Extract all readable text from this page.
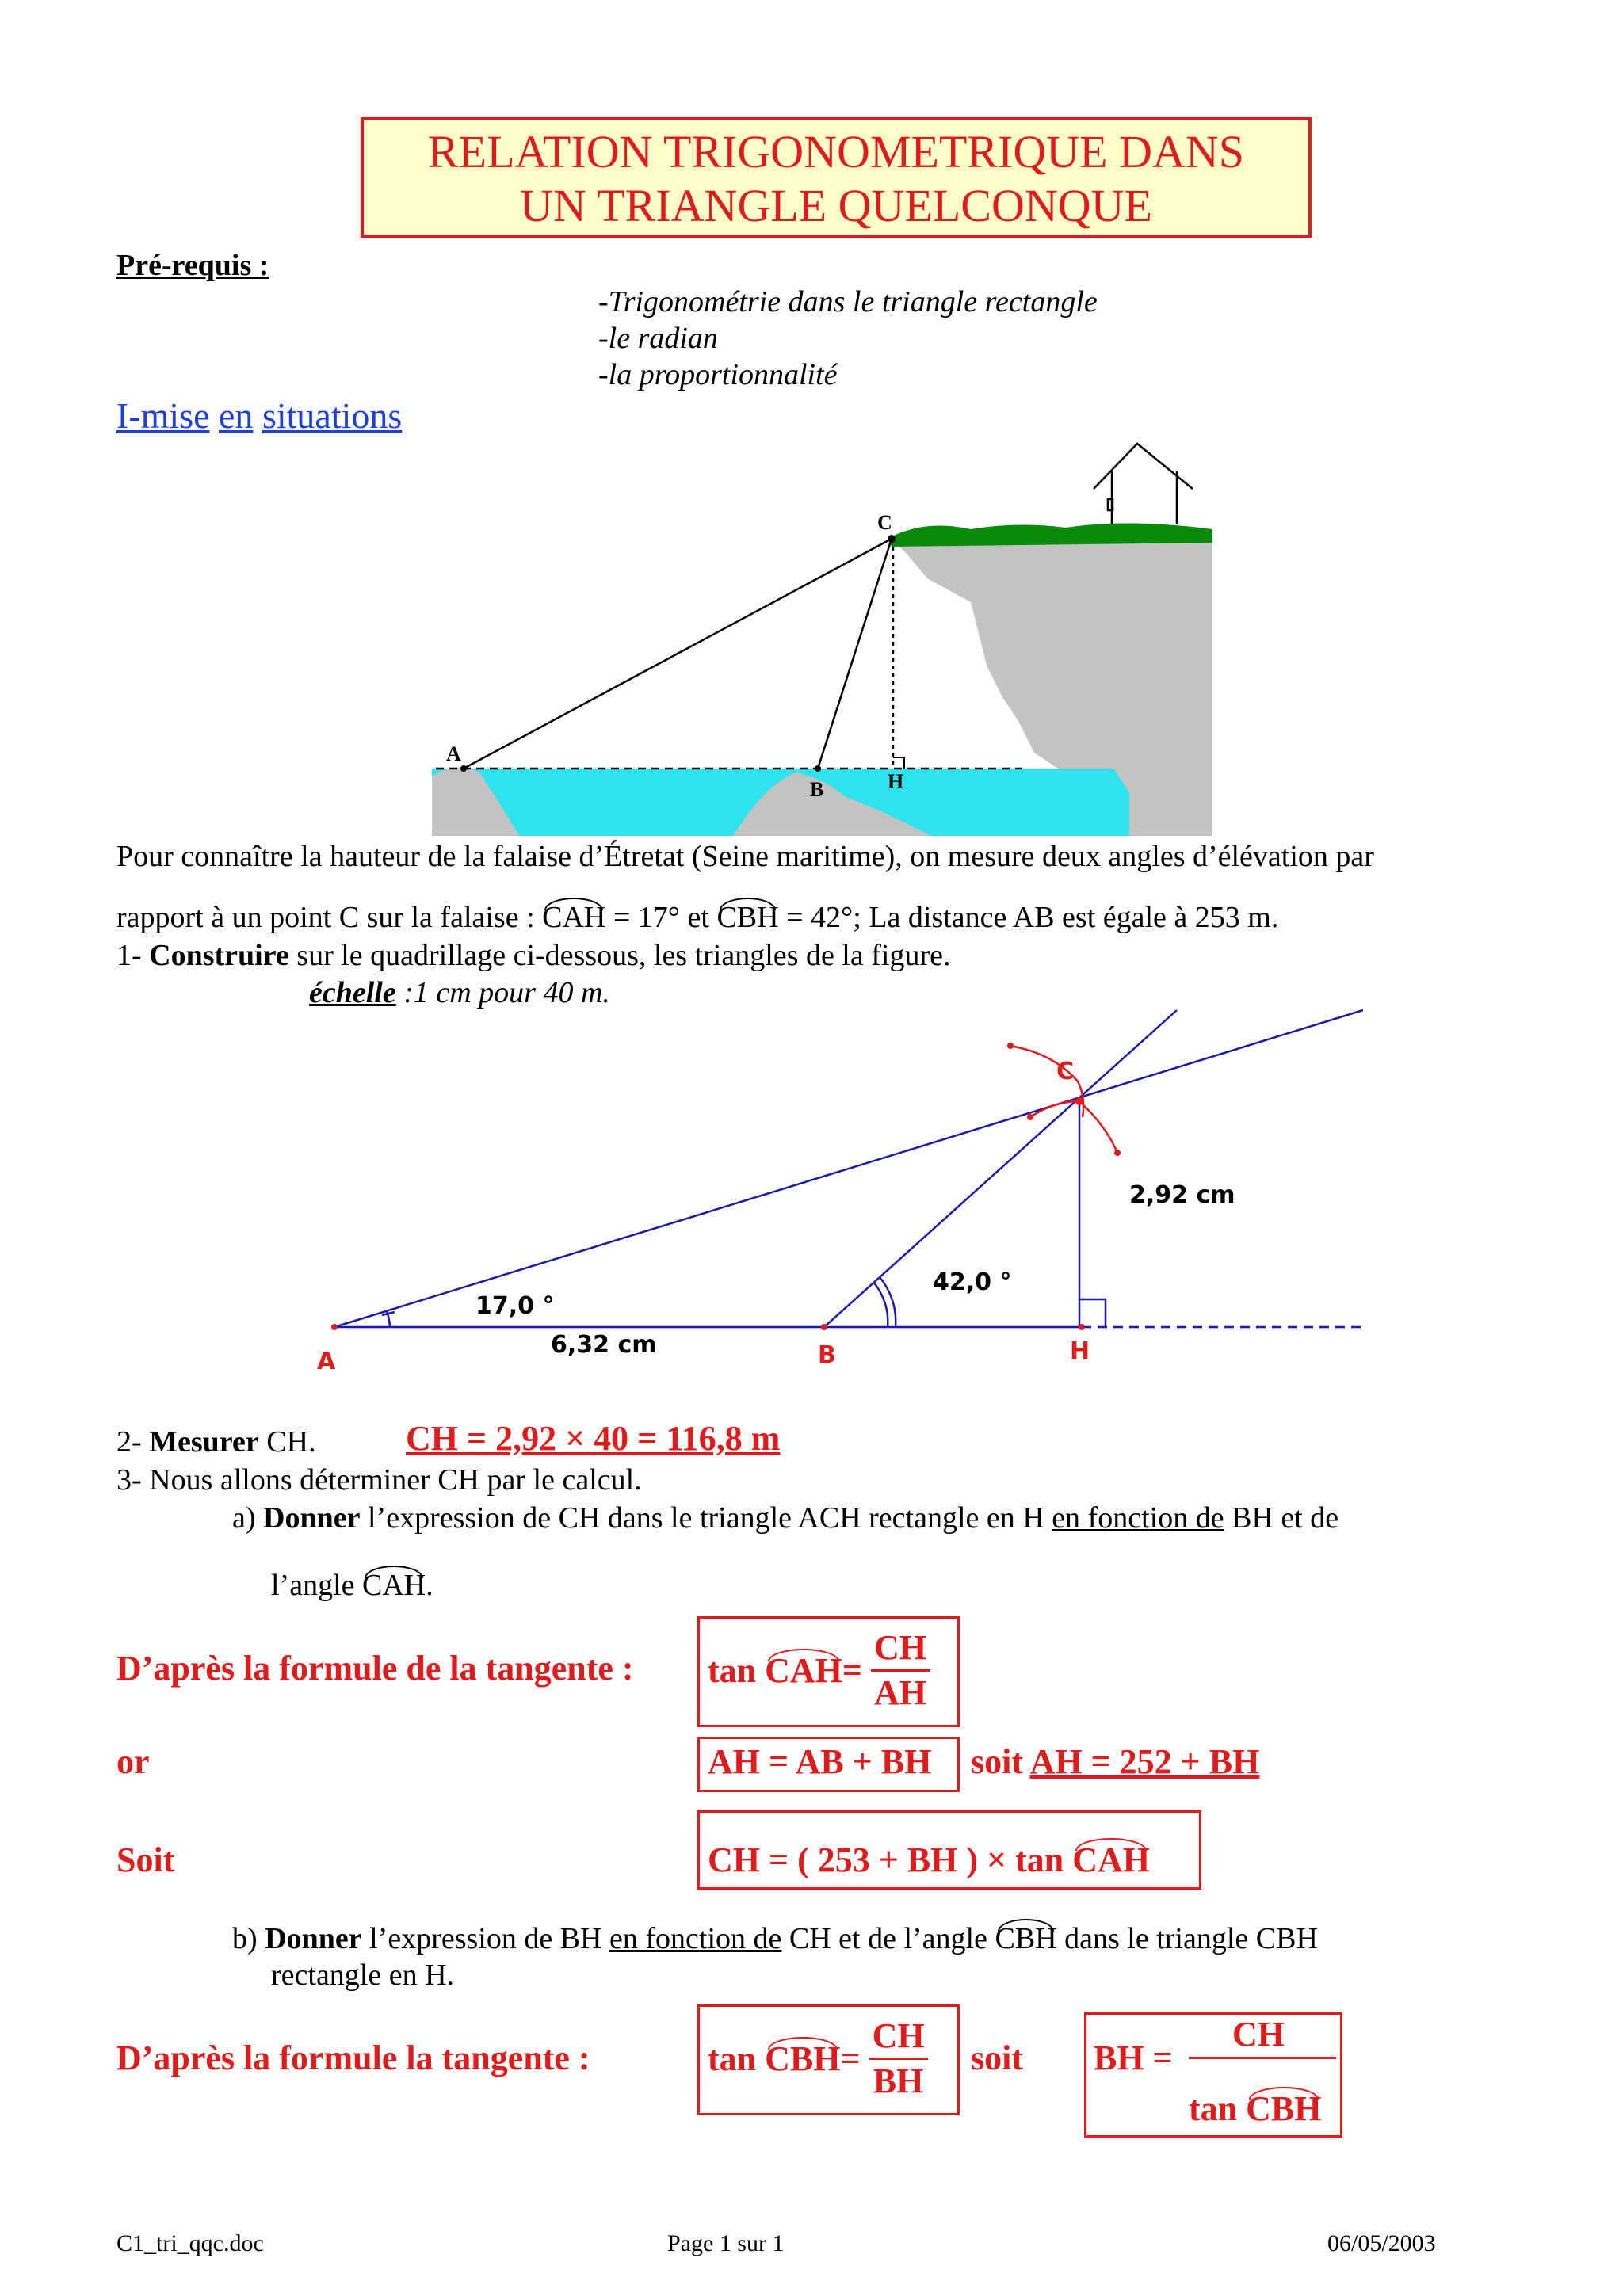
RELATION TRIGONOMETRIQUE DANS
UN TRIANGLE QUELCONQUE
Pré-requis :
-Trigonométrie dans le triangle rectangle
-le radian
-la proportionnalité
I-mise en situations
A
B
C
H
Pour connaître la hauteur de la falaise d’Étretat (Seine maritime), on mesure deux angles d’élévation par
rapport à un point C sur la falaise : CAH = 17° et CBH = 42°; La distance AB est égale à 253 m.
1- Construire sur le quadrillage ci-dessous, les triangles de la figure.
échelle :1 cm pour 40 m.
A	B	H
C
2,92 cm
6,32 cm
17,0 °
42,0 °
2- Mesurer CH.	CH = 2,92 × 40 = 116,8 m
3- Nous allons déterminer CH par le calcul.
a) Donner l’expression de CH dans le triangle ACH rectangle en H en fonction de BH et de
l’angle CAH.
D’après la formule de la tangente : tan
CAH =
$\frac{CH}{AH}$
or	AH = AB + BH soit AH = 252 + BH
Soit	CH = ( 253 + BH ) × tan CAH
b) Donner l’expression de BH en fonction de CH et de l’angle CBH dans le triangle CBH
rectangle en H.
D’après la formule la tangente :	tan
CBH =
$\frac{CH}{BH}$ soit BH =
CH
tan CBH
C1_tri_qqc.doc	Page 1 sur 1	06/05/2003
